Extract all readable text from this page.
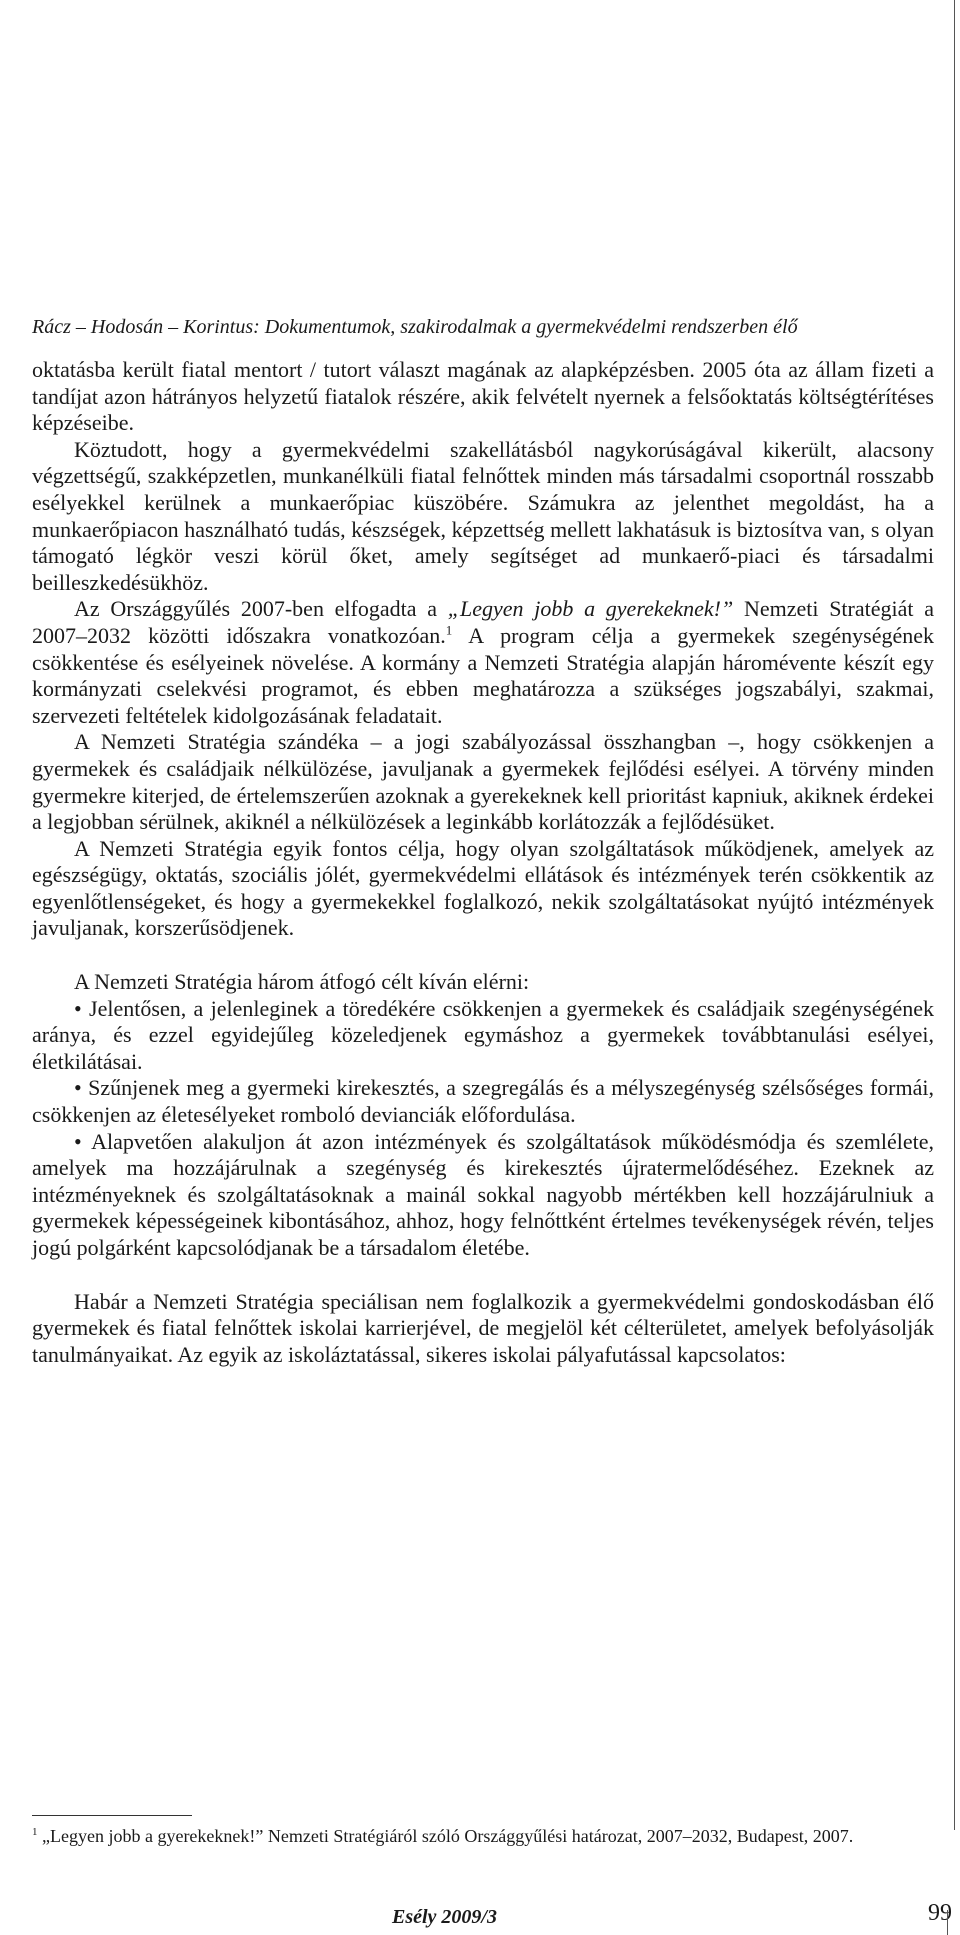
Rácz – Hodosán – Korintus: Dokumentumok, szakirodalmak a gyermekvédelmi rendszerben élő

oktatásba került fiatal mentort / tutort választ magának az alapképzésben. 2005 óta az állam fizeti a tandíjat azon hátrányos helyzetű fiatalok részére, akik felvételt nyernek a felsőoktatás költségtérítéses képzéseibe.

Köztudott, hogy a gyermekvédelmi szakellátásból nagykorúságával kikerült, alacsony végzettségű, szakképzetlen, munkanélküli fiatal felnőttek minden más társadalmi csoportnál rosszabb esélyekkel kerülnek a munkaerőpiac küszöbére. Számukra az jelenthet megoldást, ha a munkaerőpiacon használható tudás, készségek, képzettség mellett lakhatásuk is biztosítva van, s olyan támogató légkör veszi körül őket, amely segítséget ad munkaerő-piaci és társadalmi beilleszkedésükhöz.

Az Országgyűlés 2007-ben elfogadta a „Legyen jobb a gyerekeknek!” Nemzeti Stratégiát a 2007–2032 közötti időszakra vonatkozóan.$^1$ A program célja a gyermekek szegénységének csökkentése és esélyeinek növelése. A kormány a Nemzeti Stratégia alapján háromévente készít egy kormányzati cselekvési programot, és ebben meghatározza a szükséges jogszabályi, szakmai, szervezeti feltételek kidolgozásának feladatait.

A Nemzeti Stratégia szándéka – a jogi szabályozással összhangban –, hogy csökkenjen a gyermekek és családjaik nélkülözése, javuljanak a gyermekek fejlődési esélyei. A törvény minden gyermekre kiterjed, de értelemszerűen azoknak a gyerekeknek kell prioritást kapniuk, akiknek érdekei a legjobban sérülnek, akiknél a nélkülözések a leginkább korlátozzák a fejlődésüket.

A Nemzeti Stratégia egyik fontos célja, hogy olyan szolgáltatások működjenek, amelyek az egészségügy, oktatás, szociális jólét, gyermekvédelmi ellátások és intézmények terén csökkentik az egyenlőtlenségeket, és hogy a gyermekekkel foglalkozó, nekik szolgáltatásokat nyújtó intézmények javuljanak, korszerűsödjenek.

A Nemzeti Stratégia három átfogó célt kíván elérni:

• Jelentősen, a jelenleginek a töredékére csökkenjen a gyermekek és családjaik szegénységének aránya, és ezzel egyidejűleg közeledjenek egymáshoz a gyermekek továbbtanulási esélyei, életkilátásai.

• Szűnjenek meg a gyermeki kirekesztés, a szegregálás és a mélyszegénység szélsőséges formái, csökkenjen az életesélyeket romboló devianciák előfordulása.

• Alapvetően alakuljon át azon intézmények és szolgáltatások működésmódja és szemlélete, amelyek ma hozzájárulnak a szegénység és kirekesztés újratermelődéséhez. Ezeknek az intézményeknek és szolgáltatásoknak a mainál sokkal nagyobb mértékben kell hozzájárulniuk a gyermekek képességeinek kibontásához, ahhoz, hogy felnőttként értelmes tevékenységek révén, teljes jogú polgárként kapcsolódjanak be a társadalom életébe.

Habár a Nemzeti Stratégia speciálisan nem foglalkozik a gyermekvédelmi gondoskodásban élő gyermekek és fiatal felnőttek iskolai karrierjével, de megjelöl két célterületet, amelyek befolyásolják tanulmányaikat. Az egyik az iskoláztatással, sikeres iskolai pályafutással kapcsolatos:

$^1$ „Legyen jobb a gyerekeknek!” Nemzeti Stratégiáról szóló Országgyűlési határozat, 2007–2032, Budapest, 2007.
Esély 2009/3	99
